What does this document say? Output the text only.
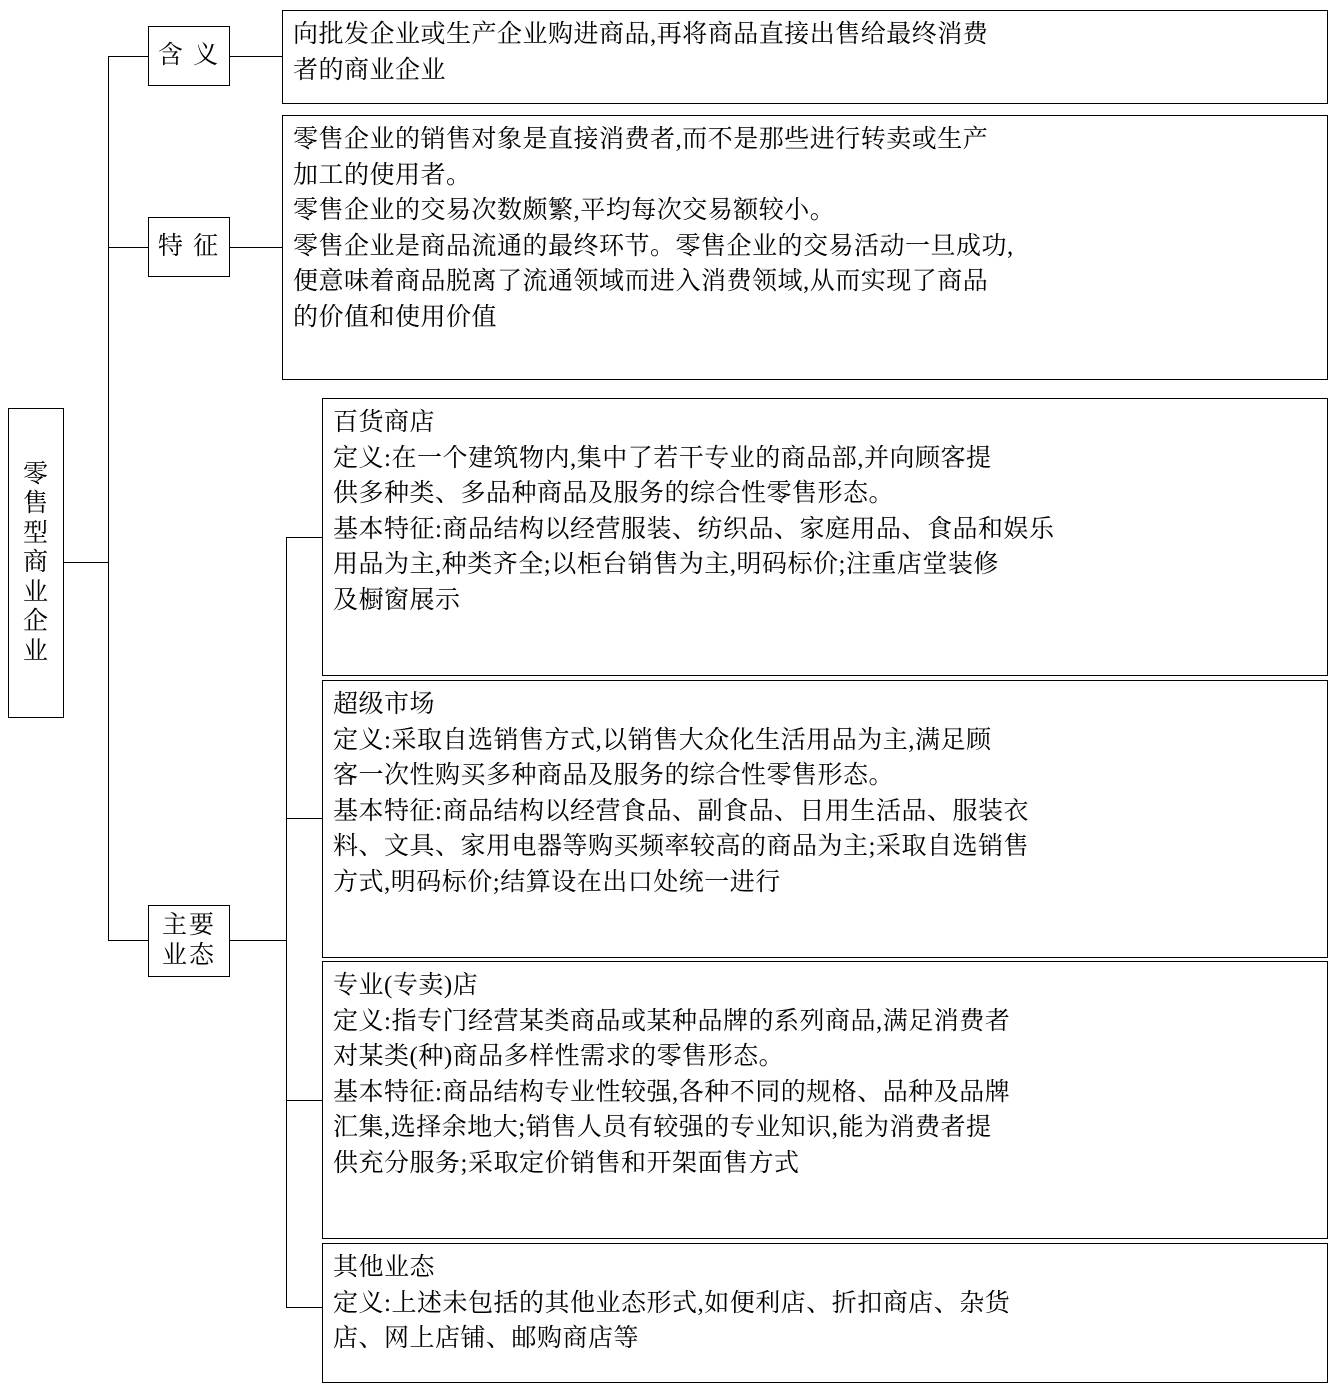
零
售
型
商
业
企
业
含 义

向批发企业或生产企业购进商品,再将商品直接出售给最终消费

者的商业企业

特 征

零售企业的销售对象是直接消费者,而不是那些进行转卖或生产

加工的使用者。

零售企业的交易次数颇繁,平均每次交易额较小。

零售企业是商品流通的最终环节。零售企业的交易活动一旦成功,

便意味着商品脱离了流通领域而进入消费领域,从而实现了商品

的价值和使用价值

主要
业态

百货商店

定义:在一个建筑物内,集中了若干专业的商品部,并向顾客提

供多种类、多品种商品及服务的综合性零售形态。

基本特征:商品结构以经营服装、纺织品、家庭用品、食品和娱乐

用品为主,种类齐全;以柜台销售为主,明码标价;注重店堂装修

及橱窗展示

超级市场

定义:采取自选销售方式,以销售大众化生活用品为主,满足顾

客一次性购买多种商品及服务的综合性零售形态。

基本特征:商品结构以经营食品、副食品、日用生活品、服装衣

料、文具、家用电器等购买频率较高的商品为主;采取自选销售

方式,明码标价;结算设在出口处统一进行

专业(专卖)店

定义:指专门经营某类商品或某种品牌的系列商品,满足消费者

对某类(种)商品多样性需求的零售形态。

基本特征:商品结构专业性较强,各种不同的规格、品种及品牌

汇集,选择余地大;销售人员有较强的专业知识,能为消费者提

供充分服务;采取定价销售和开架面售方式

其他业态

定义:上述未包括的其他业态形式,如便利店、折扣商店、杂货

店、网上店铺、邮购商店等
